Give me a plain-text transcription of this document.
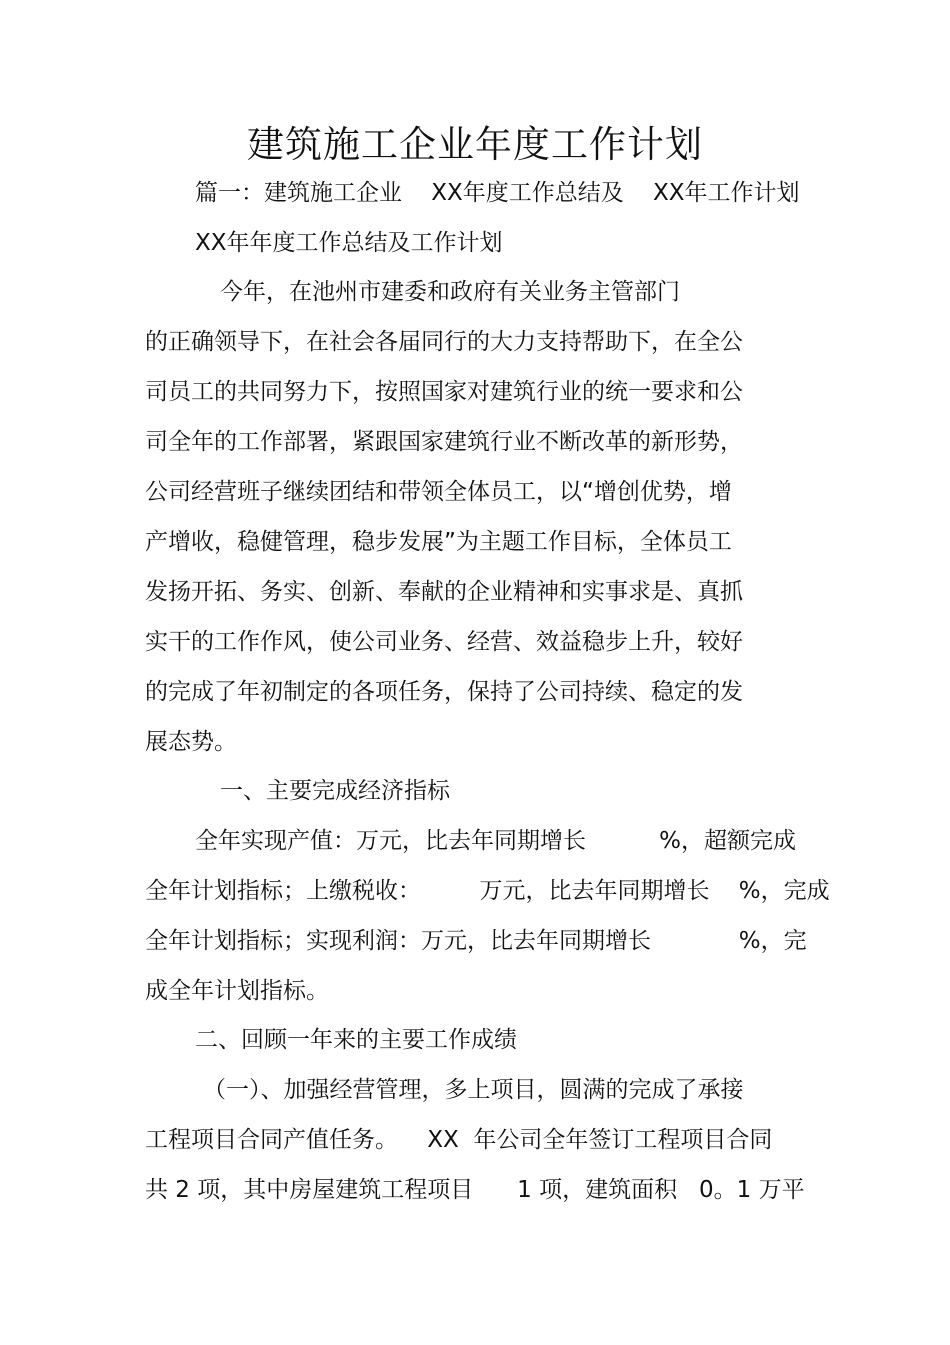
建筑施工企业年度工作计划
篇一：建筑施工企业    XX年度工作总结及    XX年工作计划
XX年年度工作总结及工作计划
今年，在池州市建委和政府有关业务主管部门
的正确领导下，在社会各届同行的大力支持帮助下，在全公
司员工的共同努力下，按照国家对建筑行业的统一要求和公
司全年的工作部署，紧跟国家建筑行业不断改革的新形势，
公司经营班子继续团结和带领全体员工，以“增创优势，增
产增收，稳健管理，稳步发展”为主题工作目标，全体员工
发扬开拓、务实、创新、奉献的企业精神和实事求是、真抓
实干的工作作风，使公司业务、经营、效益稳步上升，较好
的完成了年初制定的各项任务，保持了公司持续、稳定的发
展态势。
一、主要完成经济指标
全年实现产值：万元，比去年同期增长          %，超额完成
全年计划指标；上缴税收：        万元，比去年同期增长    %，完成
全年计划指标；实现利润：万元，比去年同期增长            %，完
成全年计划指标。
二、回顾一年来的主要工作成绩
（一）、加强经营管理，多上项目，圆满的完成了承接
工程项目合同产值任务。    XX  年公司全年签订工程项目合同
共 2 项，其中房屋建筑工程项目      1 项，建筑面积   0。1 万平
